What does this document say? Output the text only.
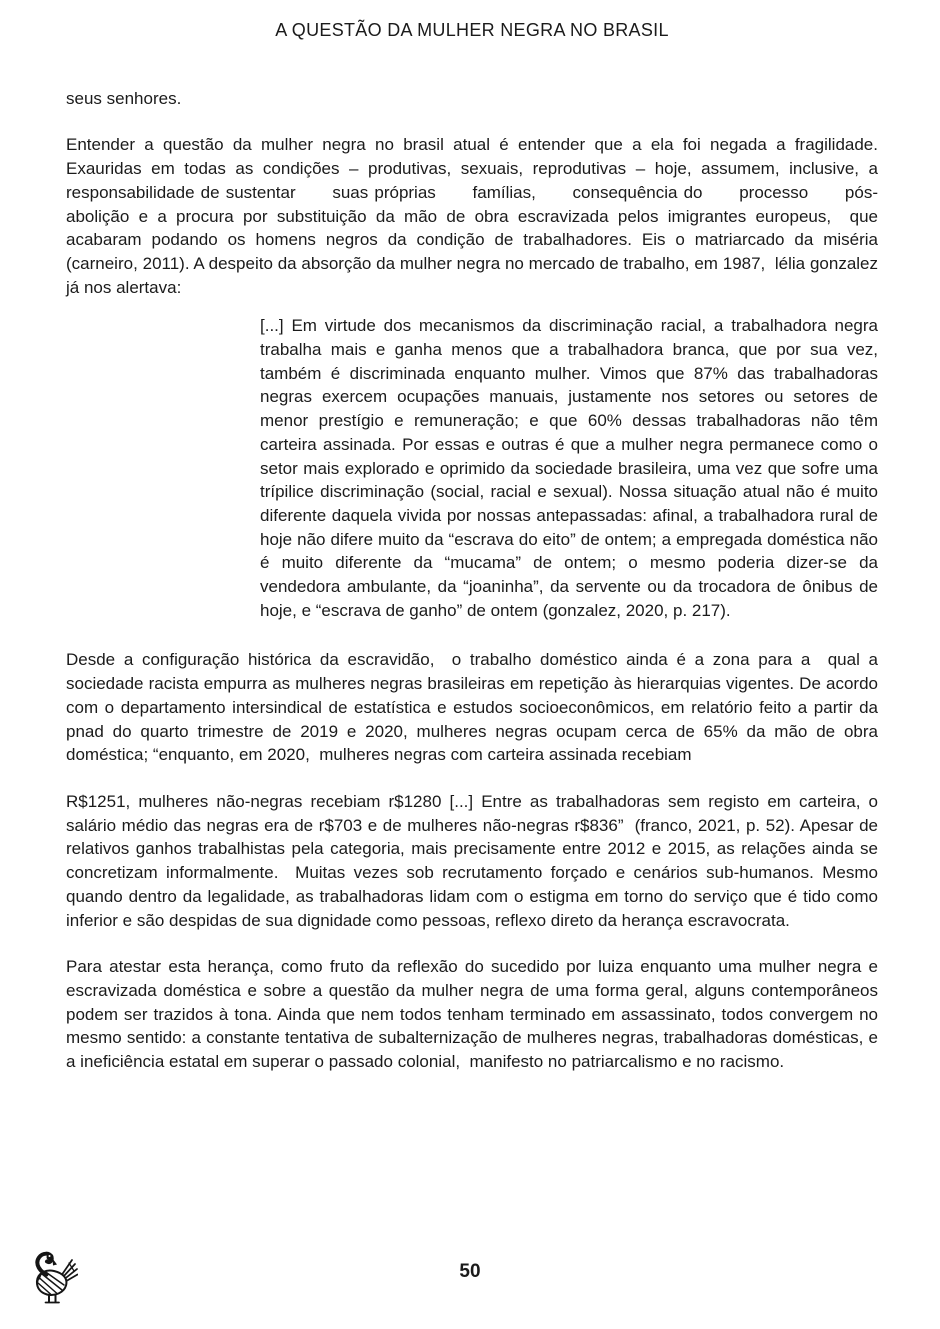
A QUESTÃO DA MULHER NEGRA NO BRASIL

seus senhores.

Entender a questão da mulher negra no brasil atual é entender que a ela foi negada a fragilidade. Exauridas em todas as condições – produtivas, sexuais, reprodutivas – hoje, assumem, inclusive, a responsabilidade de sustentar      suas próprias      famílias,      consequência do      processo      pós-abolição e a procura por substituição da mão de obra escravizada pelos imigrantes europeus,  que acabaram podando os homens negros da condição de trabalhadores. Eis o matriarcado da miséria (carneiro, 2011). A despeito da absorção da mulher negra no mercado de trabalho, em 1987,  lélia gonzalez já nos alertava:

[...] Em virtude dos mecanismos da discriminação racial, a trabalhadora negra trabalha mais e ganha menos que a trabalhadora branca, que por sua vez, também é discriminada enquanto mulher. Vimos que 87% das trabalhadoras negras exercem ocupações manuais, justamente nos setores ou setores de menor prestígio e remuneração; e que 60% dessas trabalhadoras não têm carteira assinada. Por essas e outras é que a mulher negra permanece como o setor mais explorado e oprimido da sociedade brasileira, uma vez que sofre uma trípilice discriminação (social, racial e sexual). Nossa situação atual não é muito diferente daquela vivida por nossas antepassadas: afinal, a trabalhadora rural de hoje não difere muito da “escrava do eito” de ontem; a empregada doméstica não é muito diferente da “mucama” de ontem; o mesmo poderia dizer-se da vendedora ambulante, da “joaninha”, da servente ou da trocadora de ônibus de hoje, e “escrava de ganho” de ontem (gonzalez, 2020, p. 217).

Desde a configuração histórica da escravidão,  o trabalho doméstico ainda é a zona para a  qual a sociedade racista empurra as mulheres negras brasileiras em repetição às hierarquias vigentes. De acordo com o departamento intersindical de estatística e estudos socioeconômicos, em relatório feito a partir da pnad do quarto trimestre de 2019 e 2020, mulheres negras ocupam cerca de 65% da mão de obra doméstica; “enquanto, em 2020,  mulheres negras com carteira assinada recebiam

R$1251, mulheres não-negras recebiam r$1280 [...] Entre as trabalhadoras sem registo em carteira, o salário médio das negras era de r$703 e de mulheres não-negras r$836”  (franco, 2021, p. 52). Apesar de relativos ganhos trabalhistas pela categoria, mais precisamente entre 2012 e 2015, as relações ainda se concretizam informalmente.  Muitas vezes sob recrutamento forçado e cenários sub-humanos. Mesmo quando dentro da legalidade, as trabalhadoras lidam com o estigma em torno do serviço que é tido como inferior e são despidas de sua dignidade como pessoas, reflexo direto da herança escravocrata.

Para atestar esta herança, como fruto da reflexão do sucedido por luiza enquanto uma mulher negra e escravizada doméstica e sobre a questão da mulher negra de uma forma geral, alguns contemporâneos  podem ser trazidos à tona. Ainda que nem todos tenham terminado em assassinato, todos convergem no mesmo sentido: a constante tentativa de subalternização de mulheres negras, trabalhadoras domésticas, e a ineficiência estatal em superar o passado colonial,  manifesto no patriarcalismo e no racismo.

50
